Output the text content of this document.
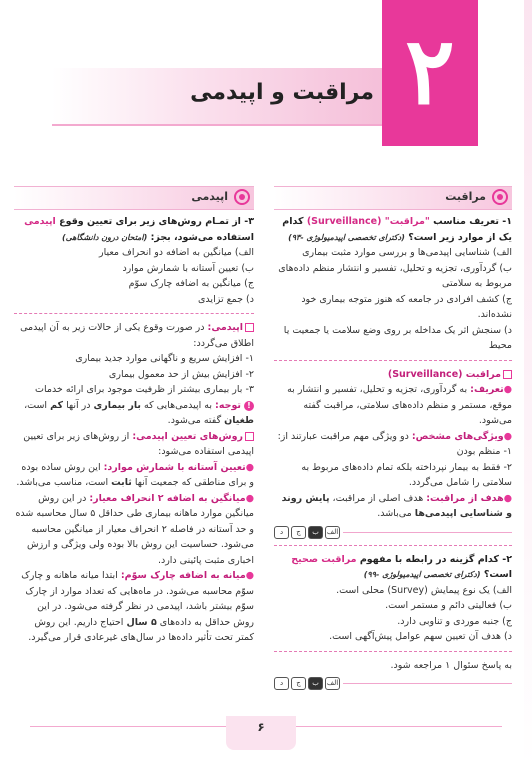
۲
مراقبت و اپیدمی
مراقبت
اپیدمی

۱- تعریف مناسب "مراقبت" (Surveillance) کدام یک از موارد زیر است؟ (دکترای تخصصی اپیدمیولوژی -۹۳)

الف) شناسایی اپیدمی‌ها و بررسی موارد مثبت بیماری

ب) گردآوری، تجزیه و تحلیل، تفسیر و انتشار منظم داده‌های مربوط به سلامتی

ج) کشف افرادی در جامعه که هنوز متوجه بیماری خود نشده‌اند.

د) سنجش اثر یک مداخله بر روی وضع سلامت یا جمعیت یا محیط

مراقبت (Surveillance)

●تعریف: به گردآوری، تجزیه و تحلیل، تفسیر و انتشار به موقع، مستمر و منظم داده‌های سلامتی، مراقبت گفته می‌شود.

●ویژگی‌های مشخص: دو ویژگی مهم مراقبت عبارتند از:

۱- منظم بودن

۲- فقط به بیمار نپرداخته بلکه تمام داده‌های مربوط به سلامتی را شامل می‌گردد.

●هدف از مراقبت: هدف اصلی از مراقبت، پایش روند و شناسایی اپیدمی‌ها می‌باشد.

د	ج	ب	الف

۲- کدام گزینه در رابطه با مفهوم مراقبت صحیح است؟ (دکترای تخصصی اپیدمیولوژی -۹۹)

الف) یک نوع پیمایش (Survey) محلی است.

ب) فعالیتی دائم و مستمر است.

ج) جنبه موردی و تناوبی دارد.

د) هدف آن تعیین سهم عوامل پیش‌آگهی است.

به پاسخ سئوال ۱ مراجعه شود.

د	ج	ب	الف

۳- از تمـام روش‌های زیر برای تعیین وقوع اپیدمی استفاده می‌شود، بجز: (امتحان درون دانشگاهی)

الف) میانگین به اضافه دو انحراف معیار

ب) تعیین آستانه با شمارش موارد

ج) میانگین به اضافه چارک سوّم

د) جمع تزایدی

اپیدمی: در صورت وقوع یکی از حالات زیر به آن اپیدمی اطلاق می‌گردد:

۱- افزایش سریع و ناگهانی موارد جدید بیماری

۲- افزایش بیش از حد معمول بیماری

۳- بار بیماری بیشتر از ظرفیت موجود برای ارائه خدمات

! توجه: به اپیدمی‌هایی که بار بیماری در آنها کم است، طغیان گفته می‌شود.

روش‌های تعیین اپیدمی: از روش‌های زیر برای تعیین اپیدمی استفاده می‌شود:

●تعیین آستانه با شمارش موارد: این روش ساده بوده و برای مناطقی که جمعیت آنها ثابت است، مناسب می‌باشد.

●میانگین به اضافه ۲ انحراف معیار: در این روش میانگین موارد ماهانه بیماری طی حداقل ۵ سال محاسبه شده و حد آستانه در فاصله ۲ انحراف معیار از میانگین محاسبه می‌شود. حساسیت این روش بالا بوده ولی ویژگی و ارزش اخباری مثبت پائینی دارد.

●میانه به اضافه چارک سوّم: ابتدا میانه ماهانه و چارک سوّم محاسبه می‌شود. در ماه‌هایی که تعداد موارد از چارک سوّم بیشتر باشد، اپیدمی در نظر گرفته می‌شود. در این روش حداقل به داده‌های ۵ سال احتیاج داریم. این روش کمتر تحت تأثیر داده‌ها در سال‌های غیرعادی قرار می‌گیرد.

۶
